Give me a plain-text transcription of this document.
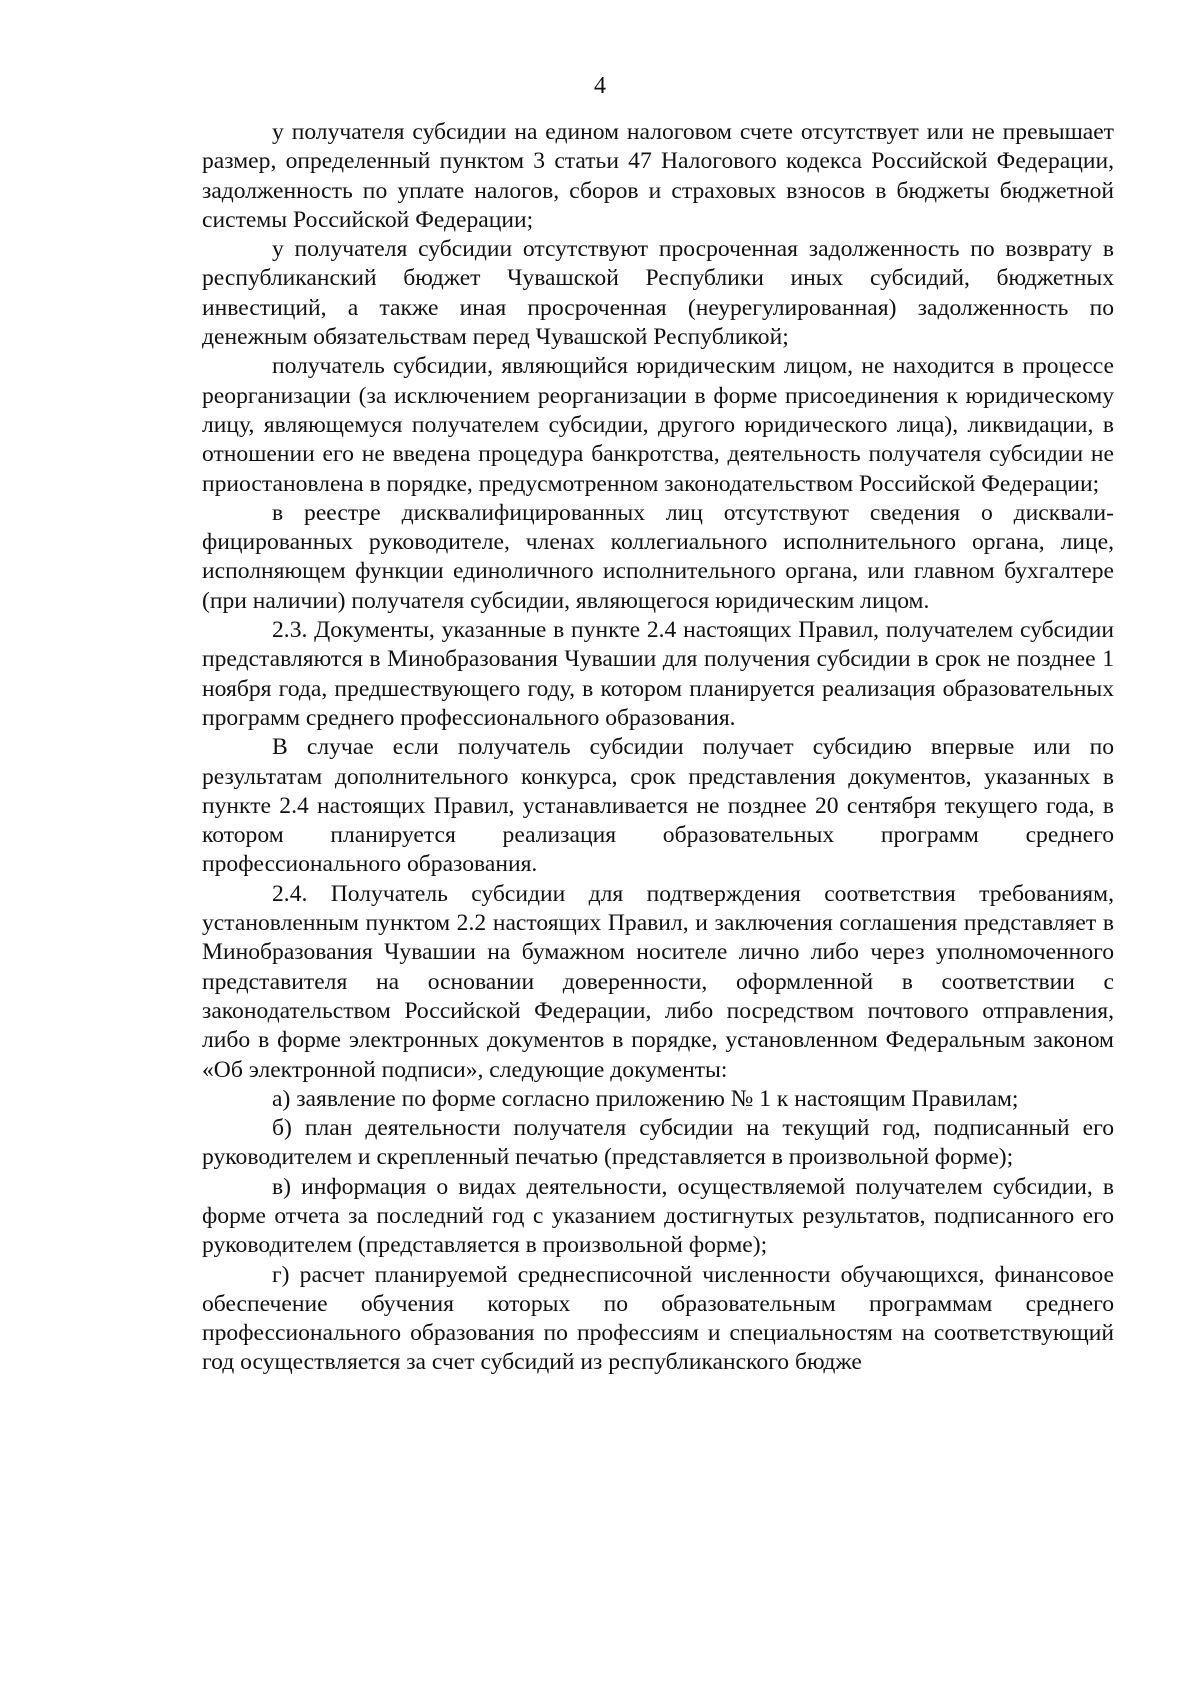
4

у получателя субсидии на едином налоговом счете отсутствует или не превышает размер, определенный пунктом 3 статьи 47 Налогового кодекса Российской Федерации, задолженность по уплате налогов, сборов и страховых взносов в бюджеты бюджетной системы Российской Федерации;

у получателя субсидии отсутствуют просроченная задолженность по возврату в республиканский бюджет Чувашской Республики иных субсидий, бюджетных инвестиций, а также иная просроченная (неурегулированная) задолженность по денежным обязательствам перед Чувашской Республикой;

получатель субсидии, являющийся юридическим лицом, не находится в процессе реорганизации (за исключением реорганизации в форме присоединения к юридическому лицу, являющемуся получателем субсидии, другого юридического лица), ликвидации, в отношении его не введена процедура банкротства, деятельность получателя субсидии не приостановлена в порядке, предусмотренном законодательством Российской Федерации;

в реестре дисквалифицированных лиц отсутствуют сведения о дисквалифицированных руководителе, членах коллегиального исполнительного органа, лице, исполняющем функции единоличного исполнительного органа, или главном бухгалтере (при наличии) получателя субсидии, являющегося юридическим лицом.

2.3. Документы, указанные в пункте 2.4 настоящих Правил, получателем субсидии представляются в Минобразования Чувашии для получения субсидии в срок не позднее 1 ноября года, предшествующего году, в котором планируется реализация образовательных программ среднего профессионального образования.

В случае если получатель субсидии получает субсидию впервые или по результатам дополнительного конкурса, срок представления документов, указанных в пункте 2.4 настоящих Правил, устанавливается не позднее 20 сентября текущего года, в котором планируется реализация образовательных программ среднего профессионального образования.

2.4. Получатель субсидии для подтверждения соответствия требованиям, установленным пунктом 2.2 настоящих Правил, и заключения соглашения представляет в Минобразования Чувашии на бумажном носителе лично либо через уполномоченного представителя на основании доверенности, оформленной в соответствии с законодательством Российской Федерации, либо посредством почтового отправления, либо в форме электронных документов в порядке, установленном Федеральным законом «Об электронной подписи», следующие документы:

а) заявление по форме согласно приложению № 1 к настоящим Правилам;

б) план деятельности получателя субсидии на текущий год, подписанный его руководителем и скрепленный печатью (представляется в произвольной форме);

в) информация о видах деятельности, осуществляемой получателем субсидии, в форме отчета за последний год с указанием достигнутых результатов, подписанного его руководителем (представляется в произвольной форме);

г) расчет планируемой среднесписочной численности обучающихся, финансовое обеспечение обучения которых по образовательным программам среднего профессионального образования по профессиям и специальностям на соответствующий год осуществляется за счет субсидий из республиканского бюдже
